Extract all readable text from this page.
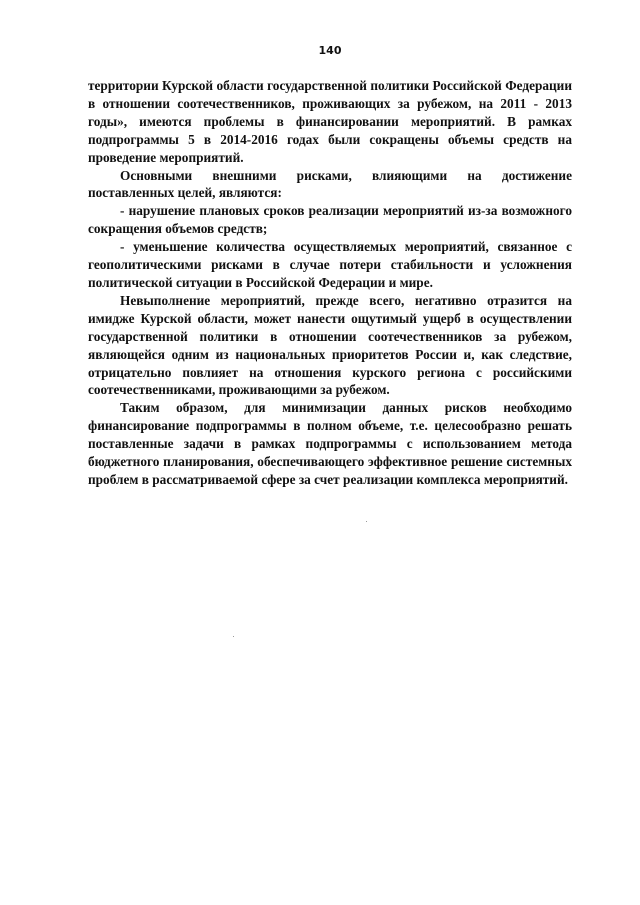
140

территории Курской области государственной политики Российской Федерации в отношении соотечественников, проживающих за рубежом, на 2011 - 2013 годы», имеются проблемы в финансировании мероприятий. В рамках подпрограммы 5 в 2014-2016 годах были сокращены объемы средств на проведение мероприятий.

Основными внешними рисками, влияющими на достижение поставленных целей, являются:

- нарушение плановых сроков реализации мероприятий из-за возможного сокращения объемов средств;

- уменьшение количества осуществляемых мероприятий, связанное с геополитическими рисками в случае потери стабильности и усложнения политической ситуации в Российской Федерации и мире.

Невыполнение мероприятий, прежде всего, негативно отразится на имидже Курской области, может нанести ощутимый ущерб в осуществлении государственной политики в отношении соотечественников за рубежом, являющейся одним из национальных приоритетов России и, как следствие, отрицательно повлияет на отношения курского региона с российскими соотечественниками, проживающими за рубежом.

Таким образом, для минимизации данных рисков необходимо финансирование подпрограммы в полном объеме, т.е. целесообразно решать поставленные задачи в рамках подпрограммы с использованием метода бюджетного планирования, обеспечивающего эффективное решение системных проблем в рассматриваемой сфере за счет реализации комплекса мероприятий.
